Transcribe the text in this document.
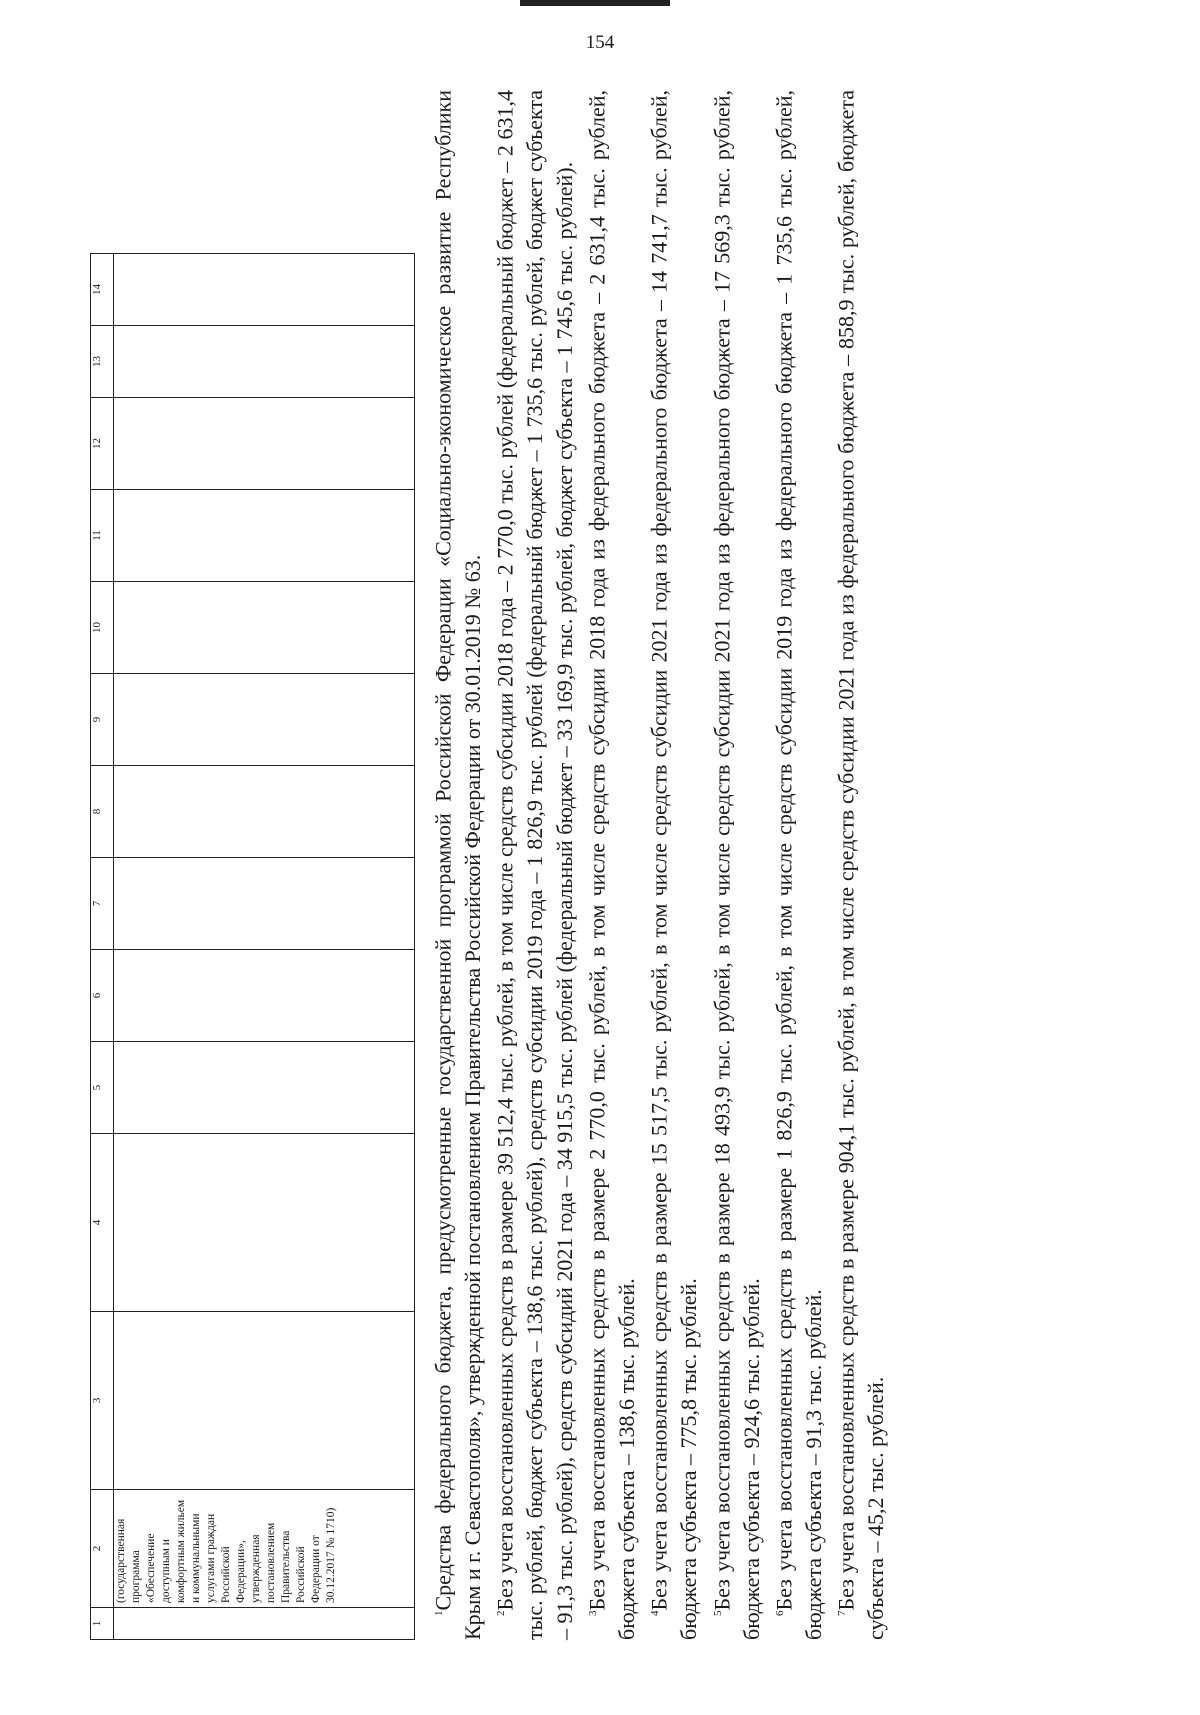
154
1	2	3	4	5	6	7	8	9	10	11	12	13	14
	(государственная программа «Обеспечение доступным и комфортным жильем и коммунальными услугами граждан Российской Федерации», утвержденная постановлением Правительства Российской Федерации от 30.12.2017 № 1710)												

$^1$Средства федерального бюджета, предусмотренные государственной программой Российской Федерации «Социально-экономическое развитие Республики Крым и г. Севастополя», утвержденной постановлением Правительства Российской Федерации от 30.01.2019 № 63. $^2$Без учета восстановленных средств в размере 39 512,4 тыс. рублей, в том числе средств субсидии 2018 года – 2 770,0 тыс. рублей (федеральный бюджет – 2 631,4 тыс. рублей, бюджет субъекта – 138,6 тыс. рублей), средств субсидии 2019 года – 1 826,9 тыс. рублей (федеральный бюджет – 1 735,6 тыс. рублей, бюджет субъекта – 91,3 тыс. рублей), средств субсидий 2021 года – 34 915,5 тыс. рублей (федеральный бюджет – 33 169,9 тыс. рублей, бюджет субъекта – 1 745,6 тыс. рублей). $^3$Без учета восстановленных средств в размере 2 770,0 тыс. рублей, в том числе средств субсидии 2018 года из федерального бюджета – 2 631,4 тыс. рублей, бюджета субъекта – 138,6 тыс. рублей. $^4$Без учета восстановленных средств в размере 15 517,5 тыс. рублей, в том числе средств субсидии 2021 года из федерального бюджета – 14 741,7 тыс. рублей, бюджета субъекта – 775,8 тыс. рублей. $^5$Без учета восстановленных средств в размере 18 493,9 тыс. рублей, в том числе средств субсидии 2021 года из федерального бюджета – 17 569,3 тыс. рублей, бюджета субъекта – 924,6 тыс. рублей. $^6$Без учета восстановленных средств в размере 1 826,9 тыс. рублей, в том числе средств субсидии 2019 года из федерального бюджета – 1 735,6 тыс. рублей, бюджета субъекта – 91,3 тыс. рублей. $^7$Без учета восстановленных средств в размере 904,1 тыс. рублей, в том числе средств субсидии 2021 года из федерального бюджета – 858,9 тыс. рублей, бюджета субъекта – 45,2 тыс. рублей.
